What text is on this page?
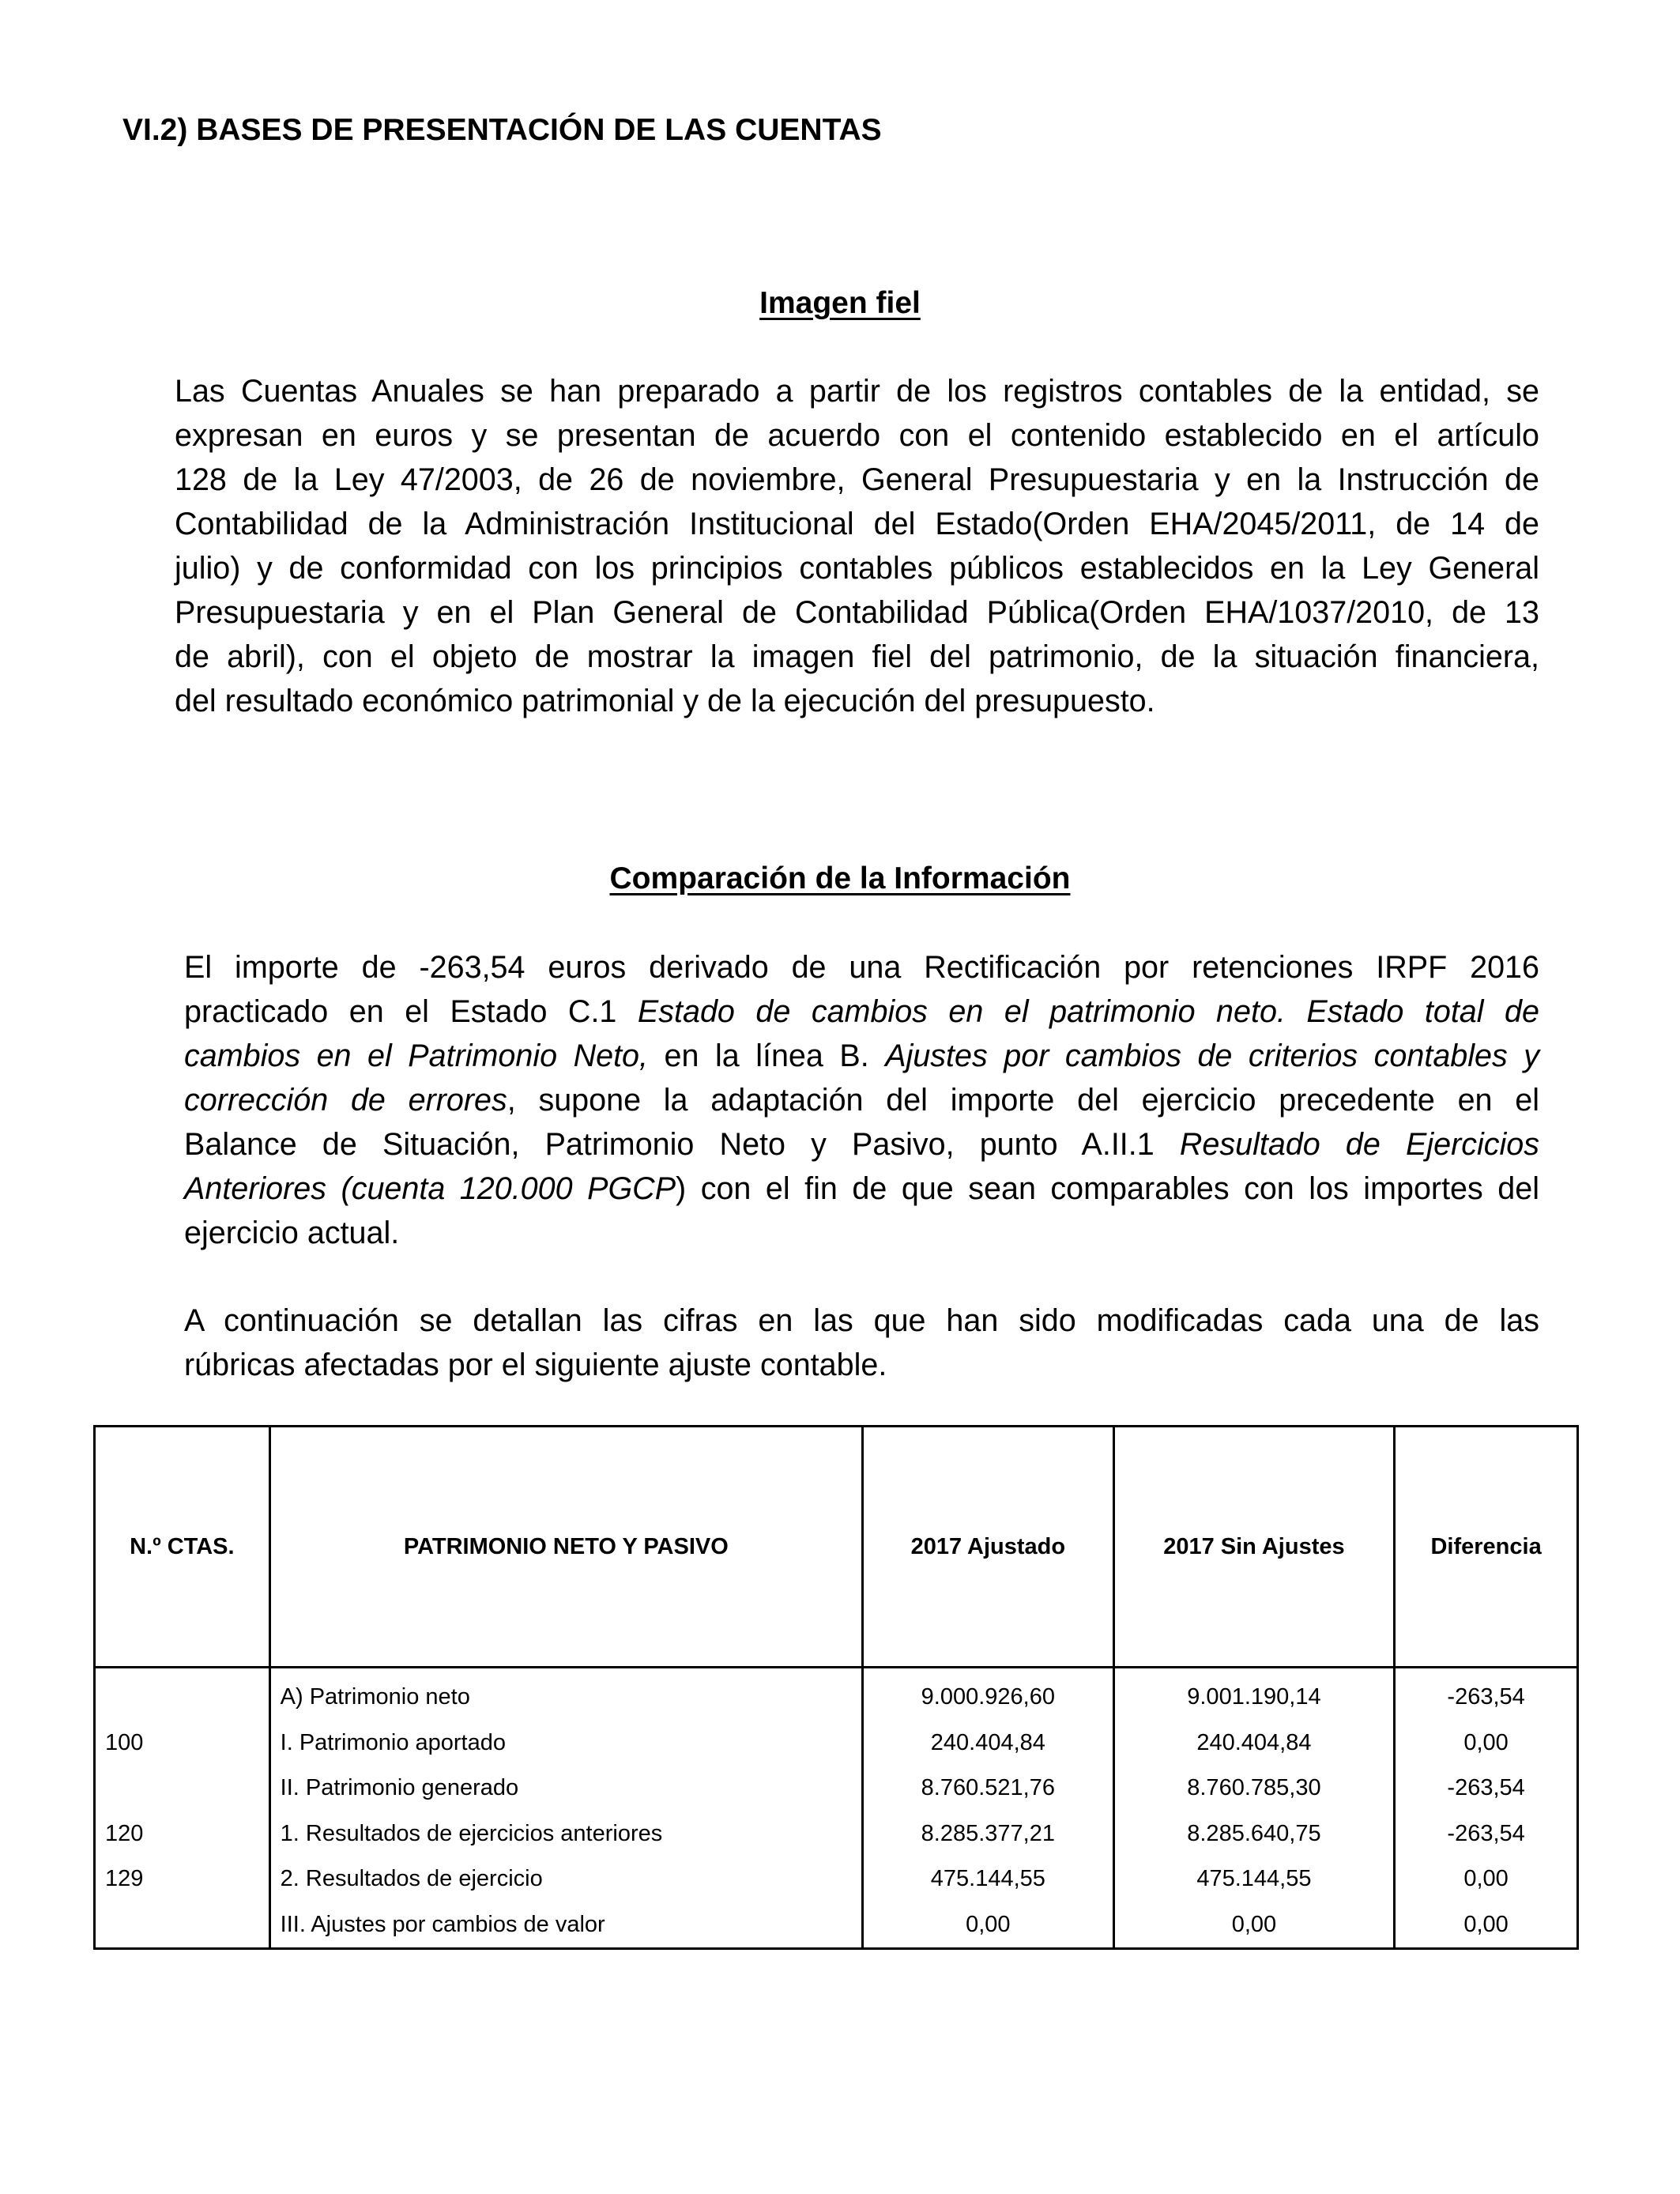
VI.2) BASES DE PRESENTACIÓN DE LAS CUENTAS
Imagen fiel
Las Cuentas Anuales se han preparado a partir de los registros contables de la entidad, se
expresan en euros y se presentan de acuerdo con el contenido establecido en el artículo
128 de la Ley 47/2003, de 26 de noviembre, General Presupuestaria y en la Instrucción de
Contabilidad de la Administración Institucional del Estado(Orden EHA/2045/2011, de 14 de
julio) y de conformidad con los principios contables públicos establecidos en la Ley General
Presupuestaria y en el Plan General de Contabilidad Pública(Orden EHA/1037/2010, de 13
de abril), con el objeto de mostrar la imagen fiel del patrimonio, de la situación financiera,
del resultado económico patrimonial y de la ejecución del presupuesto.
Comparación de la Información
El importe de -263,54 euros derivado de una Rectificación por retenciones IRPF 2016
practicado en el Estado C.1 Estado de cambios en el patrimonio neto. Estado total de
cambios en el Patrimonio Neto, en la línea B. Ajustes por cambios de criterios contables y
corrección de errores, supone la adaptación del importe del ejercicio precedente en el
Balance de Situación, Patrimonio Neto y Pasivo, punto A.II.1 Resultado de Ejercicios
Anteriores (cuenta 120.000 PGCP) con el fin de que sean comparables con los importes del
ejercicio actual.
A continuación se detallan las cifras en las que han sido modificadas cada una de las
rúbricas afectadas por el siguiente ajuste contable.
N.º CTAS.	PATRIMONIO NETO Y PASIVO	2017 Ajustado	2017 Sin Ajustes	Diferencia
	A) Patrimonio neto	9.000.926,60	9.001.190,14	-263,54
100	I. Patrimonio aportado	240.404,84	240.404,84	0,00
	II. Patrimonio generado	8.760.521,76	8.760.785,30	-263,54
120	1. Resultados de ejercicios anteriores	8.285.377,21	8.285.640,75	-263,54
129	2. Resultados de ejercicio	475.144,55	475.144,55	0,00
	III. Ajustes por cambios de valor	0,00	0,00	0,00
